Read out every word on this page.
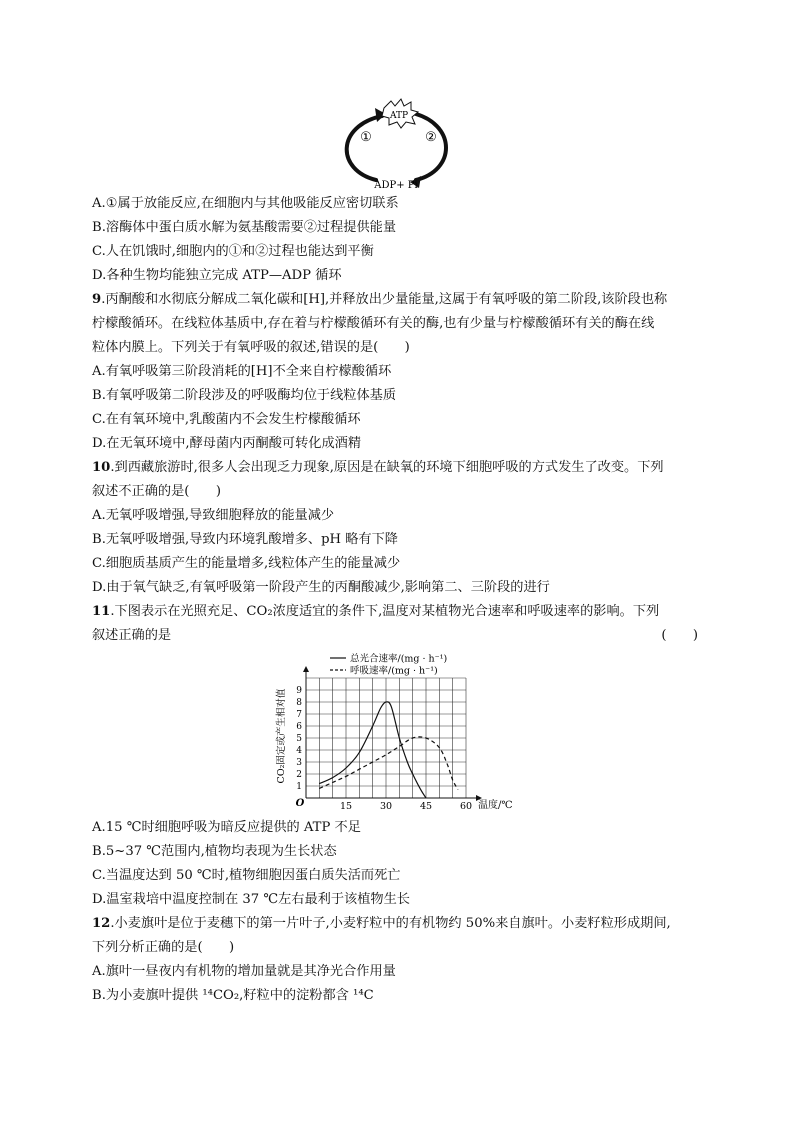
ATP
①	②
ADP+ Pi
A.①属于放能反应,在细胞内与其他吸能反应密切联系
B.溶酶体中蛋白质水解为氨基酸需要②过程提供能量
C.人在饥饿时,细胞内的①和②过程也能达到平衡
D.各种生物均能独立完成 ATP—ADP 循环
9.丙酮酸和水彻底分解成二氧化碳和[H],并释放出少量能量,这属于有氧呼吸的第二阶段,该阶段也称
柠檬酸循环。在线粒体基质中,存在着与柠檬酸循环有关的酶,也有少量与柠檬酸循环有关的酶在线
粒体内膜上。下列关于有氧呼吸的叙述,错误的是(　　)
A.有氧呼吸第三阶段消耗的[H]不全来自柠檬酸循环
B.有氧呼吸第二阶段涉及的呼吸酶均位于线粒体基质
C.在有氧环境中,乳酸菌内不会发生柠檬酸循环
D.在无氧环境中,酵母菌内丙酮酸可转化成酒精
10.到西藏旅游时,很多人会出现乏力现象,原因是在缺氧的环境下细胞呼吸的方式发生了改变。下列
叙述不正确的是(　　)
A.无氧呼吸增强,导致细胞释放的能量减少
B.无氧呼吸增强,导致内环境乳酸增多、pH 略有下降
C.细胞质基质产生的能量增多,线粒体产生的能量减少
D.由于氧气缺乏,有氧呼吸第一阶段产生的丙酮酸减少,影响第二、三阶段的进行
11.下图表示在光照充足、CO₂浓度适宜的条件下,温度对某植物光合速率和呼吸速率的影响。下列
叙述正确的是	(　　)
15	30	45	60
1
2
3
4
5
6
7
8
9
总光合速率/(mg · h⁻¹)
呼吸速率/(mg · h⁻¹)
CO₂固定或产生相对值
温度/℃
O
A.15 ℃时细胞呼吸为暗反应提供的 ATP 不足
B.5~37 ℃范围内,植物均表现为生长状态
C.当温度达到 50 ℃时,植物细胞因蛋白质失活而死亡
D.温室栽培中温度控制在 37 ℃左右最利于该植物生长
12.小麦旗叶是位于麦穗下的第一片叶子,小麦籽粒中的有机物约 50%来自旗叶。小麦籽粒形成期间,
下列分析正确的是(　　)
A.旗叶一昼夜内有机物的增加量就是其净光合作用量
B.为小麦旗叶提供 ¹⁴CO₂,籽粒中的淀粉都含 ¹⁴C
